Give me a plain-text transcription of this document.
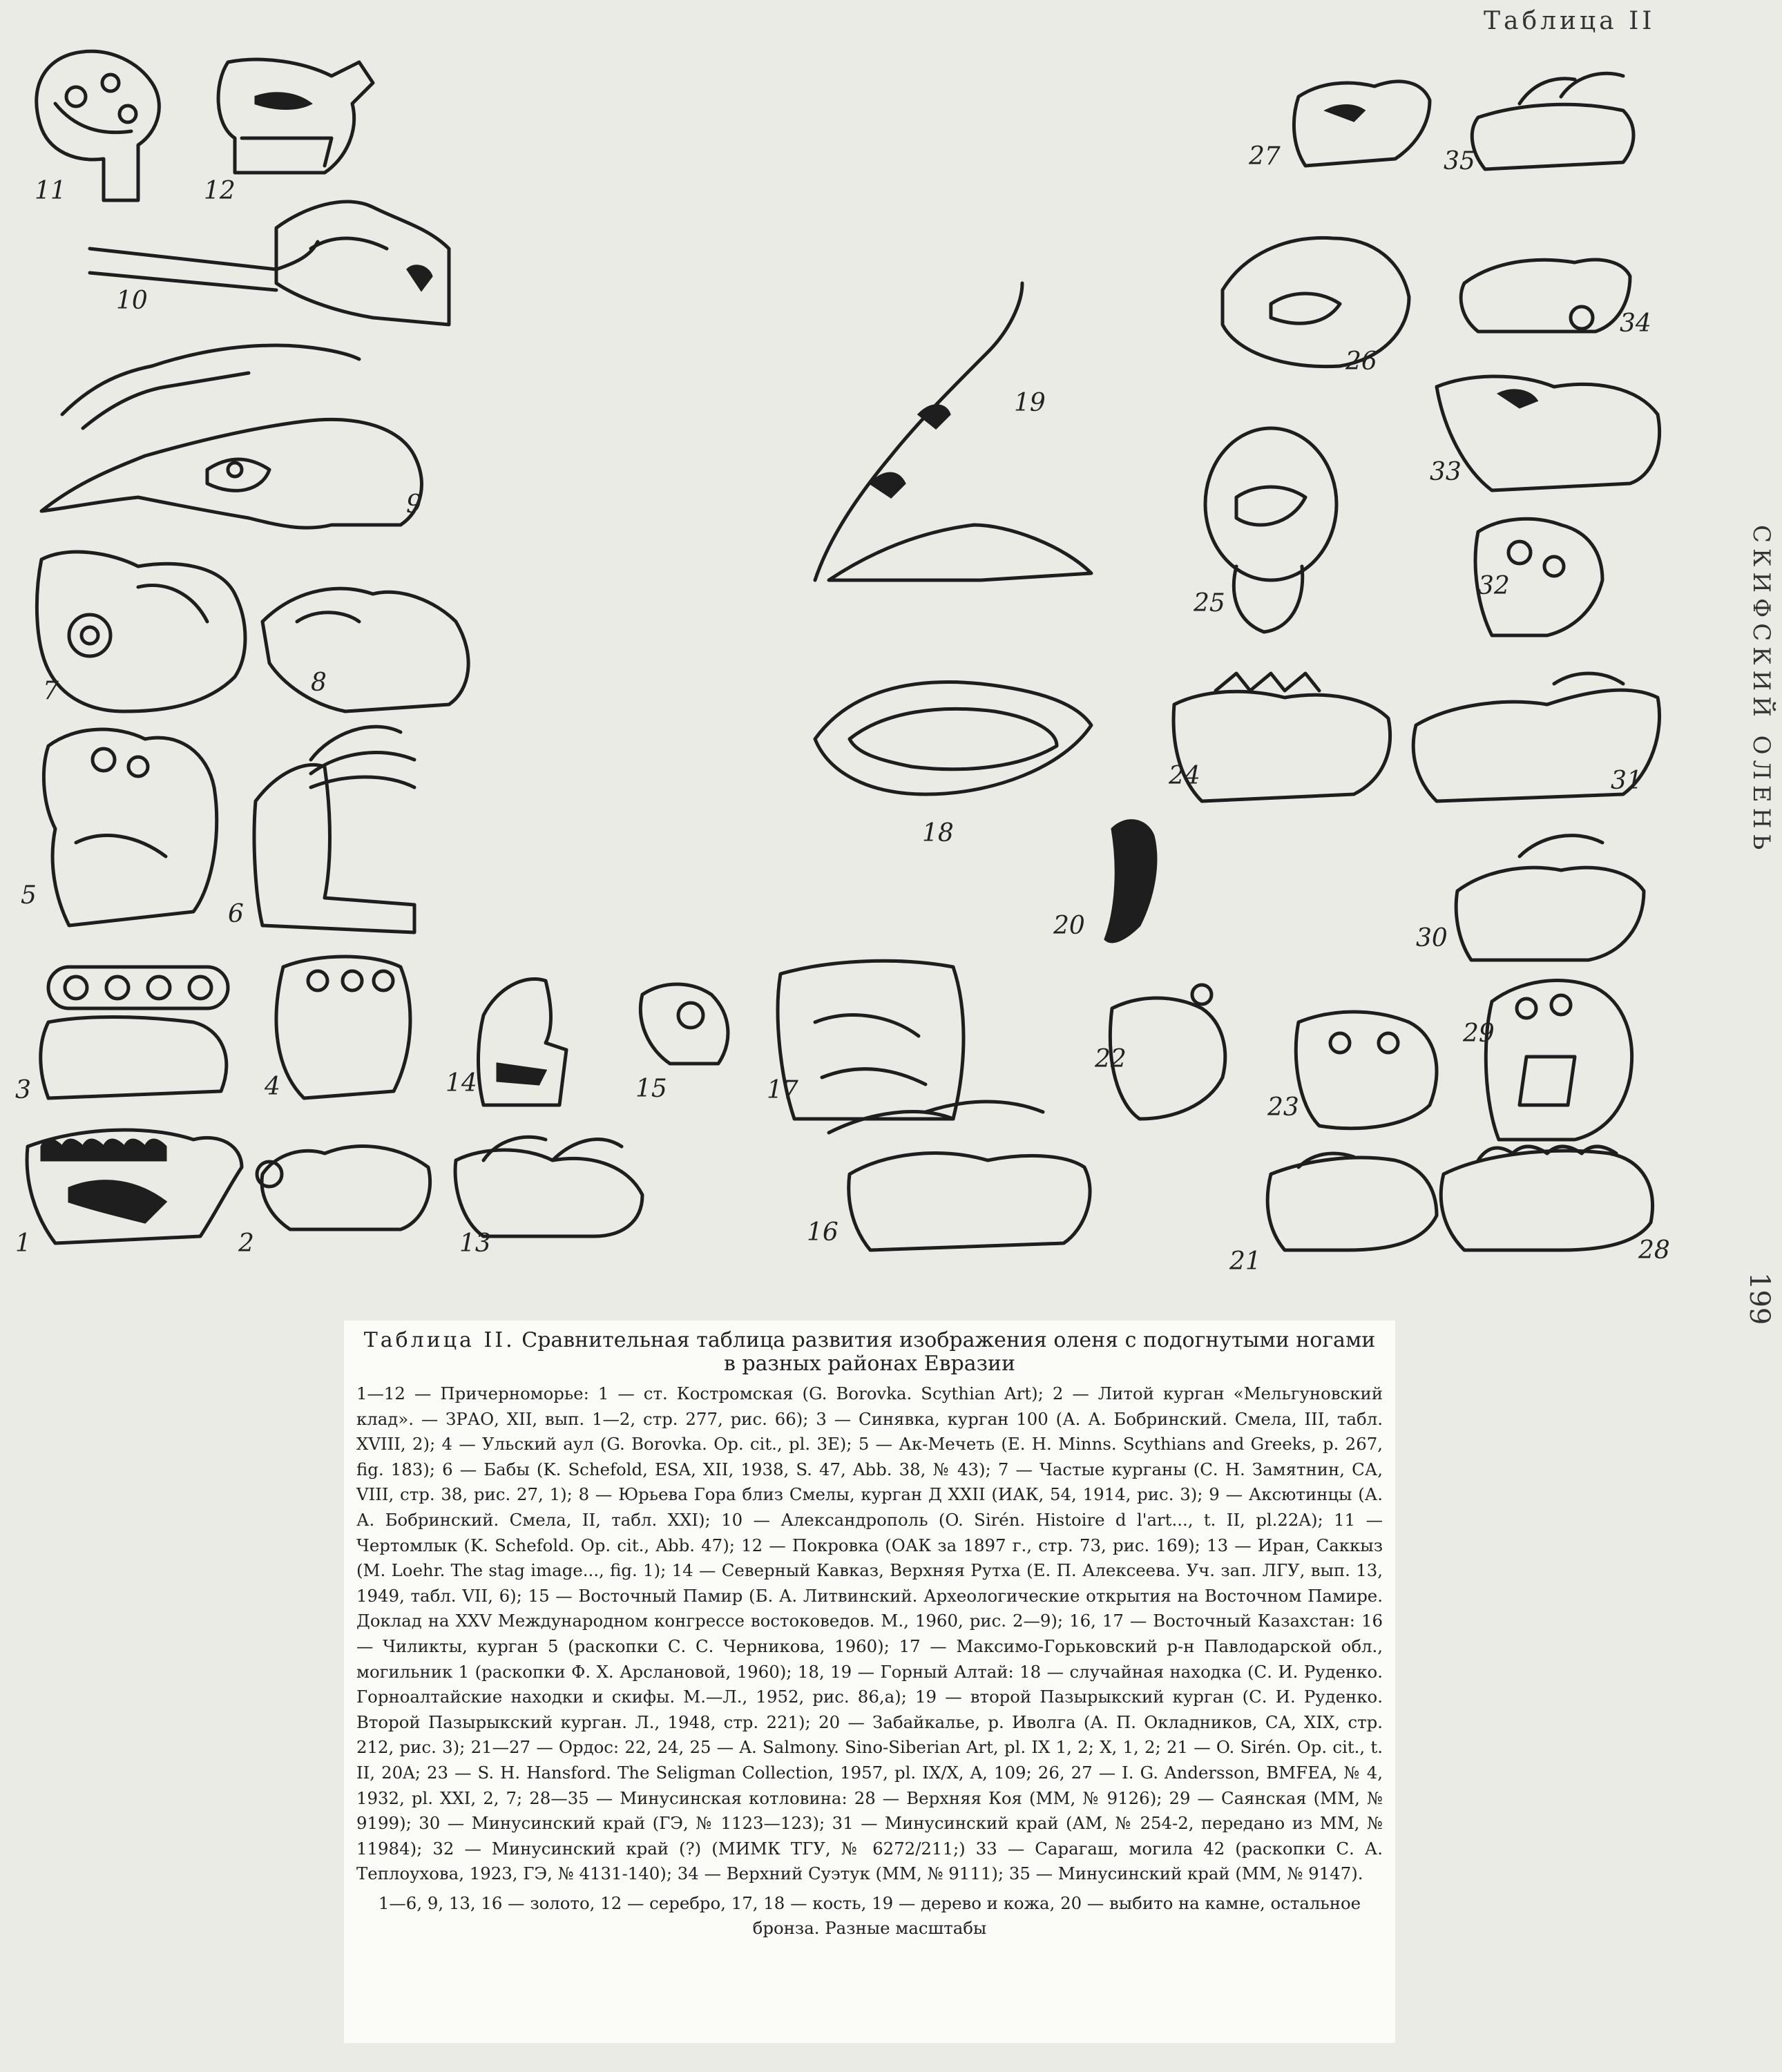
Таблица II
СКИФСКИЙ ОЛЕНЬ
199
11	12
10
9
7	8
5
6
3	4	14	15
1	2	13
19
18
17
16
20
27	35
26
34
33
25
32
24	31
30
22
23
29
21	28

Таблица II. Сравнительная таблица развития изображения оленя с подогнутыми ногами в разных районах Евразии

1—12 — Причерноморье: 1 — ст. Костромская (G. Borovka. Scythian Art); 2 — Литой курган «Мельгуновский клад». — ЗРАО, XII, вып. 1—2, стр. 277, рис. 66); 3 — Синявка, курган 100 (А. А. Бобринский. Смела, III, табл. XVIII, 2); 4 — Ульский аул (G. Borovka. Op. cit., pl. 3E); 5 — Ак-Мечеть (E. H. Minns. Scythians and Greeks, p. 267, fig. 183); 6 — Бабы (K. Schefold, ESA, XII, 1938, S. 47, Abb. 38, № 43); 7 — Частые курганы (С. Н. Замятнин, СА, VIII, стр. 38, рис. 27, 1); 8 — Юрьева Гора близ Смелы, курган Д XXII (ИАК, 54, 1914, рис. 3); 9 — Аксютинцы (А. А. Бобринский. Смела, II, табл. XXI); 10 — Александрополь (O. Sirén. Histoire d l'art..., t. II, pl.22A); 11 — Чертомлык (K. Schefold. Op. cit., Abb. 47); 12 — Покровка (ОАК за 1897 г., стр. 73, рис. 169); 13 — Иран, Саккыз (M. Loehr. The stag image..., fig. 1); 14 — Северный Кавказ, Верхняя Рутха (Е. П. Алексеева. Уч. зап. ЛГУ, вып. 13, 1949, табл. VII, 6); 15 — Восточный Памир (Б. А. Литвинский. Археологические открытия на Восточном Памире. Доклад на XXV Международном конгрессе востоковедов. М., 1960, рис. 2—9); 16, 17 — Восточный Казахстан: 16 — Чиликты, курган 5 (раскопки С. С. Черникова, 1960); 17 — Максимо-Горьковский р-н Павлодарской обл., могильник 1 (раскопки Ф. Х. Арслановой, 1960); 18, 19 — Горный Алтай: 18 — случайная находка (С. И. Руденко. Горноалтайские находки и скифы. М.—Л., 1952, рис. 86,а); 19 — второй Пазырыкский курган (С. И. Руденко. Второй Пазырыкский курган. Л., 1948, стр. 221); 20 — Забайкалье, р. Иволга (А. П. Окладников, СА, XIX, стр. 212, рис. 3); 21—27 — Ордос: 22, 24, 25 — A. Salmony. Sino-Siberian Art, pl. IX 1, 2; X, 1, 2; 21 — O. Sirén. Op. cit., t. II, 20A; 23 — S. H. Hansford. The Seligman Collection, 1957, pl. IX/X, A, 109; 26, 27 — I. G. Andersson, BMFEA, № 4, 1932, pl. XXI, 2, 7; 28—35 — Минусинская котловина: 28 — Верхняя Коя (ММ, № 9126); 29 — Саянская (ММ, № 9199); 30 — Минусинский край (ГЭ, № 1123—123); 31 — Минусинский край (АМ, № 254-2, передано из ММ, № 11984); 32 — Минусинский край (?) (МИМК ТГУ, № 6272/211;) 33 — Сарагаш, могила 42 (раскопки С. А. Теплоухова, 1923, ГЭ, № 4131-140); 34 — Верхний Суэтук (ММ, № 9111); 35 — Минусинский край (ММ, № 9147).

1—6, 9, 13, 16 — золото, 12 — серебро, 17, 18 — кость, 19 — дерево и кожа, 20 — выбито на камне, остальное бронза. Разные масштабы
